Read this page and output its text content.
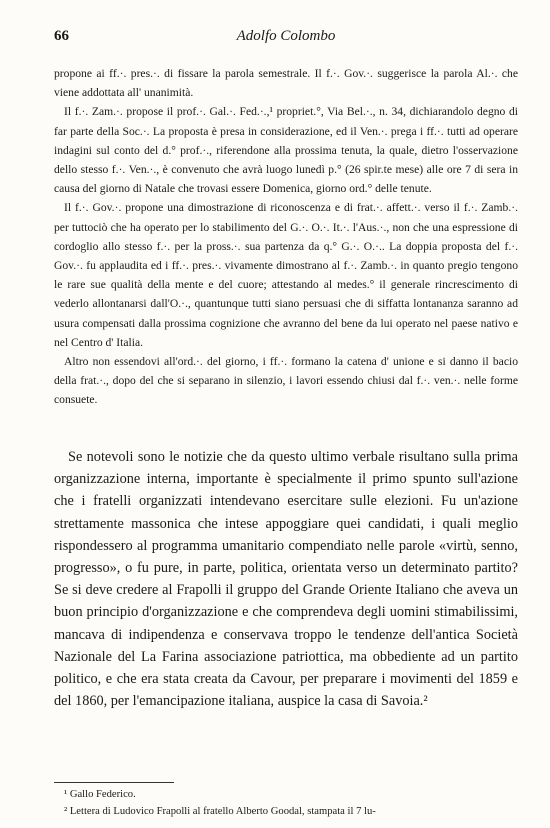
66	Adolfo Colombo

propone ai ff.·. pres.·. di fissare la parola semestrale. Il f.·. Gov.·. suggerisce la parola Al.·. che viene addottata all' unanimità.

Il f.·. Zam.·. propose il prof.·. Gal.·. Fed.·.,¹ propriet.°, Via Bel.·., n. 34, dichiarandolo degno di far parte della Soc.·. La proposta è presa in considerazione, ed il Ven.·. prega i ff.·. tutti ad operare indagini sul conto del d.° prof.·., riferendone alla prossima tenuta, la quale, dietro l'osservazione dello stesso f.·. Ven.·., è convenuto che avrà luogo lunedì p.° (26 spir.te mese) alle ore 7 di sera in causa del giorno di Natale che trovasi essere Domenica, giorno ord.° delle tenute.

Il f.·. Gov.·. propone una dimostrazione di riconoscenza e di frat.·. affett.·. verso il f.·. Zamb.·. per tuttociò che ha operato per lo stabilimento del G.·. O.·. It.·. l'Aus.·., non che una espressione di cordoglio allo stesso f.·. per la pross.·. sua partenza da q.° G.·. O.·.. La doppia proposta del f.·. Gov.·. fu applaudita ed i ff.·. pres.·. vivamente dimostrano al f.·. Zamb.·. in quanto pregio tengono le rare sue qualità della mente e del cuore; attestando al medes.° il generale rincrescimento di vederlo allontanarsi dall'O.·., quantunque tutti siano persuasi che di siffatta lontananza saranno ad usura compensati dalla prossima cognizione che avranno del bene da lui operato nel paese nativo e nel Centro d' Italia.

Altro non essendovi all'ord.·. del giorno, i ff.·. formano la catena d' unione e si danno il bacio della frat.·., dopo del che si separano in silenzio, i lavori essendo chiusi dal f.·. ven.·. nelle forme consuete.

Se notevoli sono le notizie che da questo ultimo verbale risultano sulla prima organizzazione interna, importante è specialmente il primo spunto sull'azione che i fratelli organizzati intendevano esercitare sulle elezioni. Fu un'azione strettamente massonica che intese appoggiare quei candidati, i quali meglio rispondessero al programma umanitario compendiato nelle parole «virtù, senno, progresso», o fu pure, in parte, politica, orientata verso un determinato partito? Se si deve credere al Frapolli il gruppo del Grande Oriente Italiano che aveva un buon principio d'organizzazione e che comprendeva degli uomini stimabilissimi, mancava di indipendenza e conservava troppo le tendenze dell'antica Società Nazionale del La Farina associazione patriottica, ma obbediente ad un partito politico, e che era stata creata da Cavour, per preparare i movimenti del 1859 e del 1860, per l'emancipazione italiana, auspice la casa di Savoia.²

¹ Gallo Federico.
² Lettera di Ludovico Frapolli al fratello Alberto Goodal, stampata il 7 lu-
